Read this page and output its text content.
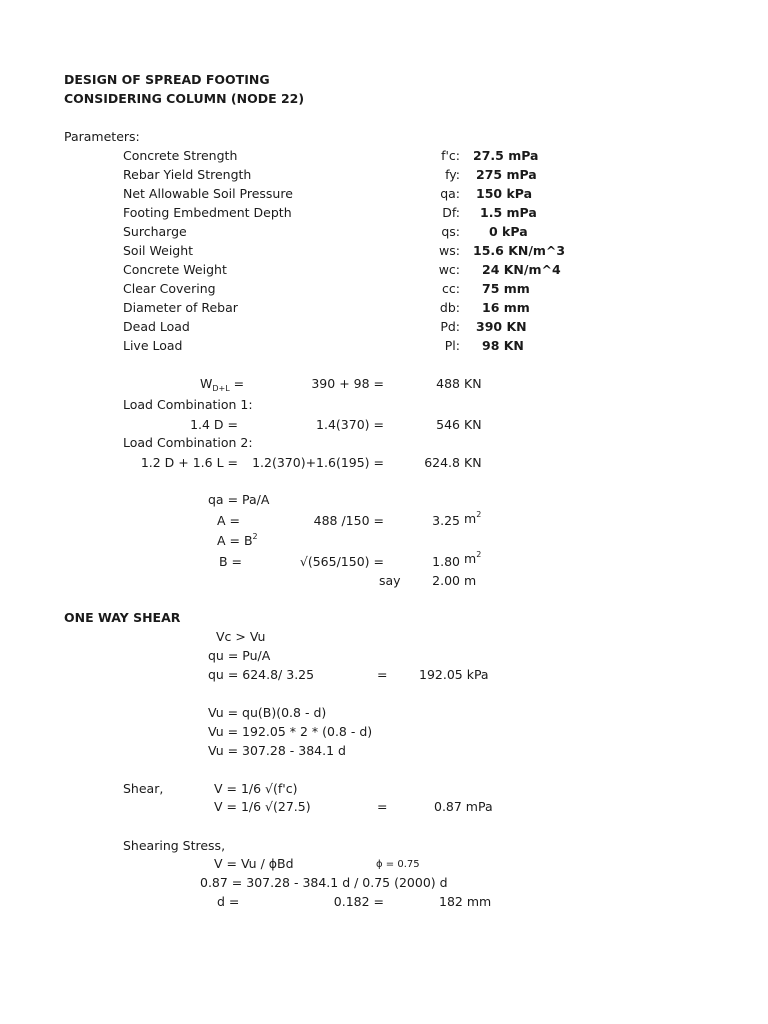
DESIGN OF SPREAD FOOTING
CONSIDERING COLUMN (NODE 22)
Parameters:
Concrete Strength	f'c: 27.5 mPa
Rebar Yield Strength	fy: 275 mPa
Net Allowable Soil Pressure	qa: 150 kPa
Footing Embedment Depth	Df: 1.5 mPa
Surcharge	qs: 0 kPa
Soil Weight	ws: 15.6 KN/m^3
Concrete Weight	wc: 24 KN/m^4
Clear Covering	cc: 75 mm
Diameter of Rebar	db: 16 mm
Dead Load	Pd: 390 KN
Live Load	Pl: 98 KN
$W_{D+L}$ =	390 + 98 =	488 KN
Load Combination 1:
1.4 D =	1.4(370) =	546 KN
Load Combination 2:
1.2 D + 1.6 L = 1.2(370)+1.6(195) =	624.8 KN
qa = Pa/A
A =	488 /150 =	3.25 $m^2$
$A = B^2$
B =	√(565/150) =	1.80 $m^2$
say	2.00 m
ONE WAY SHEAR
Vc > Vu
qu = Pu/A
qu = 624.8/ 3.25	=	192.05 kPa
Vu = qu(B)(0.8 - d)
Vu = 192.05 * 2 * (0.8 - d)
Vu = 307.28 - 384.1 d
Shear,	V = 1/6 √(f'c)
V = 1/6 √(27.5)	=	0.87 mPa
Shearing Stress,
V = Vu / ϕBd	ϕ = 0.75
0.87 = 307.28 - 384.1 d / 0.75 (2000) d
d =	0.182 =	182 mm
